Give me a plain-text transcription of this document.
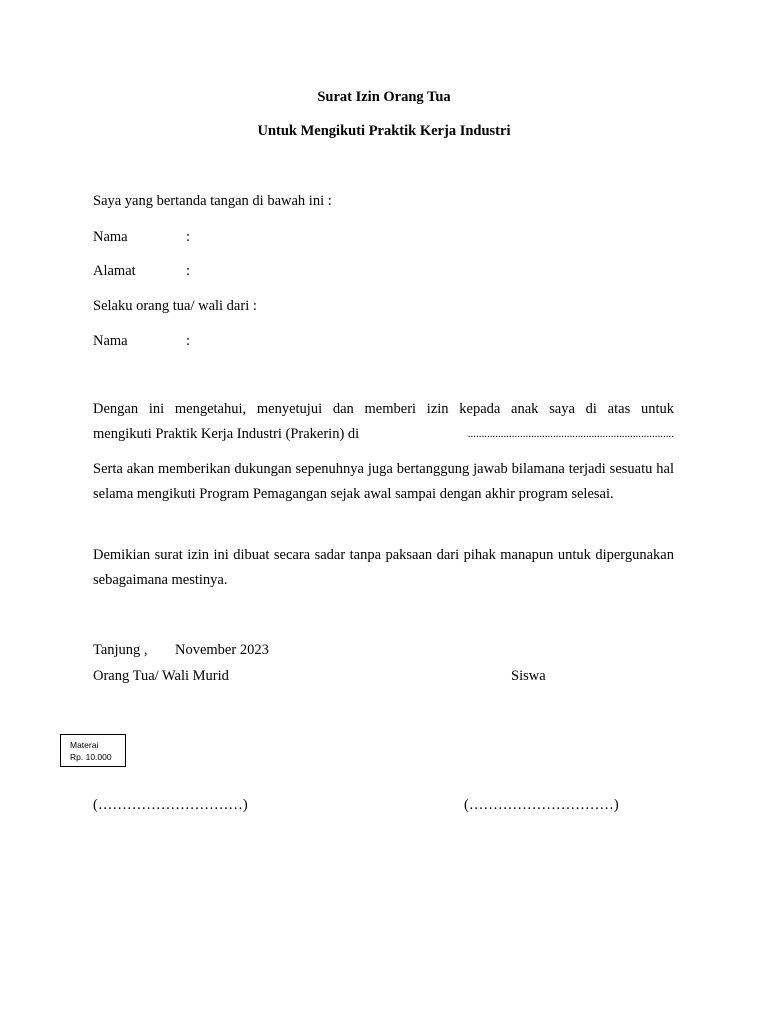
Surat Izin Orang Tua
Untuk Mengikuti Praktik Kerja Industri
Saya yang bertanda tangan di bawah ini :
Nama	:
Alamat	:
Selaku orang tua/ wali dari :
Nama	:
Dengan ini mengetahui, menyetujui dan memberi izin kepada anak saya di atas untuk
mengikuti Praktik Kerja Industri (Prakerin) di	...........................................................................
Serta akan memberikan dukungan sepenuhnya juga bertanggung jawab bilamana terjadi sesuatu hal selama mengikuti Program Pemagangan sejak awal sampai dengan akhir program selesai.
Demikian surat izin ini dibuat secara sadar tanpa paksaan dari pihak manapun untuk dipergunakan sebagaimana mestinya.
Tanjung , November 2023
Orang Tua/ Wali Murid	Siswa
Materai
Rp. 10.000
(…………………………)	(…………………………)
